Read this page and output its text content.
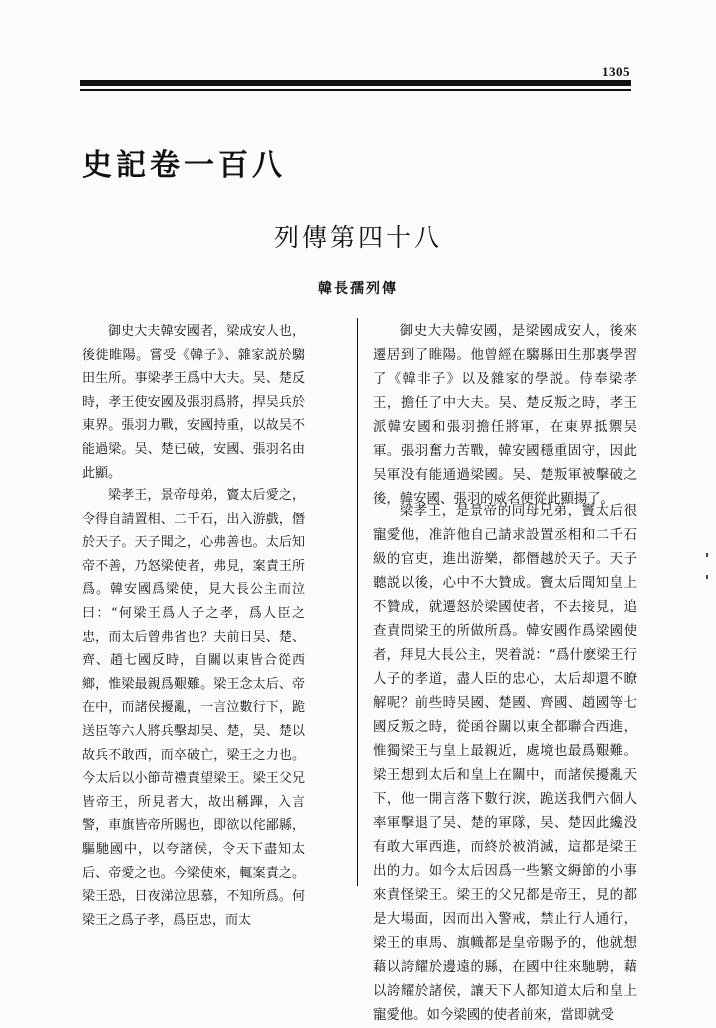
1305
史記卷一百八
列傳第四十八
韓長孺列傳

御史大夫韓安國者，梁成安人也，後徙睢陽。嘗受《韓子》、雜家説於騶田生所。事梁孝王爲中大夫。吴、楚反時，孝王使安國及張羽爲將，捍吴兵於東界。張羽力戰，安國持重，以故吴不能過梁。吴、楚已破，安國、張羽名由此顯。

梁孝王，景帝母弟，竇太后愛之，令得自請置相、二千石，出入游戲，僭於天子。天子聞之，心弗善也。太后知帝不善，乃怒梁使者，弗見，案責王所爲。韓安國爲梁使，見大長公主而泣曰：“何梁王爲人子之孝，爲人臣之忠，而太后曾弗省也？夫前日吴、楚、齊、趙七國反時，自關以東皆合從西鄉，惟梁最親爲艱難。梁王念太后、帝在中，而諸侯擾亂，一言泣數行下，跪送臣等六人將兵擊却吴、楚，吴、楚以故兵不敢西，而卒破亡，梁王之力也。今太后以小節苛禮責望梁王。梁王父兄皆帝王，所見者大，故出稱蹕，入言警，車旗皆帝所賜也，即欲以侘鄙縣，驅馳國中，以夸諸侯，令天下盡知太后、帝愛之也。今梁使來，輒案責之。梁王恐，日夜涕泣思慕，不知所爲。何梁王之爲子孝，爲臣忠，而太

御史大夫韓安國，是梁國成安人，後來遷居到了睢陽。他曾經在騶縣田生那裏學習了《韓非子》以及雜家的學説。侍奉梁孝王，擔任了中大夫。吴、楚反叛之時，孝王派韓安國和張羽擔任將軍，在東界抵禦吴軍。張羽奮力苦戰，韓安國穩重固守，因此吴軍没有能通過梁國。吴、楚叛軍被擊破之後，韓安國、張羽的威名便從此顯揚了。

梁孝王，是景帝的同母兄弟，竇太后很寵愛他，准許他自己請求設置丞相和二千石級的官吏，進出游樂，都僭越於天子。天子聽説以後，心中不大贊成。竇太后聞知皇上不贊成，就遷怒於梁國使者，不去接見，追查責問梁王的所做所爲。韓安國作爲梁國使者，拜見大長公主，哭着説：“爲什麽梁王行人子的孝道，盡人臣的忠心，太后却還不瞭解呢？前些時吴國、楚國、齊國、趙國等七國反叛之時，從函谷關以東全都聯合西進，惟獨梁王与皇上最親近，處境也最爲艱難。梁王想到太后和皇上在關中，而諸侯擾亂天下，他一開言落下數行淚，跪送我們六個人率軍擊退了吴、楚的軍隊，吴、楚因此纔没有敢大軍西進，而終於被消滅，這都是梁王出的力。如今太后因爲一些繁文縟節的小事來責怪梁王。梁王的父兄都是帝王，見的都是大場面，因而出入警戒，禁止行人通行，梁王的車馬、旗幟都是皇帝賜予的，他就想藉以誇耀於邊遠的縣，在國中往來馳騁，藉以誇耀於諸侯，讓天下人都知道太后和皇上寵愛他。如今梁國的使者前來，當即就受
